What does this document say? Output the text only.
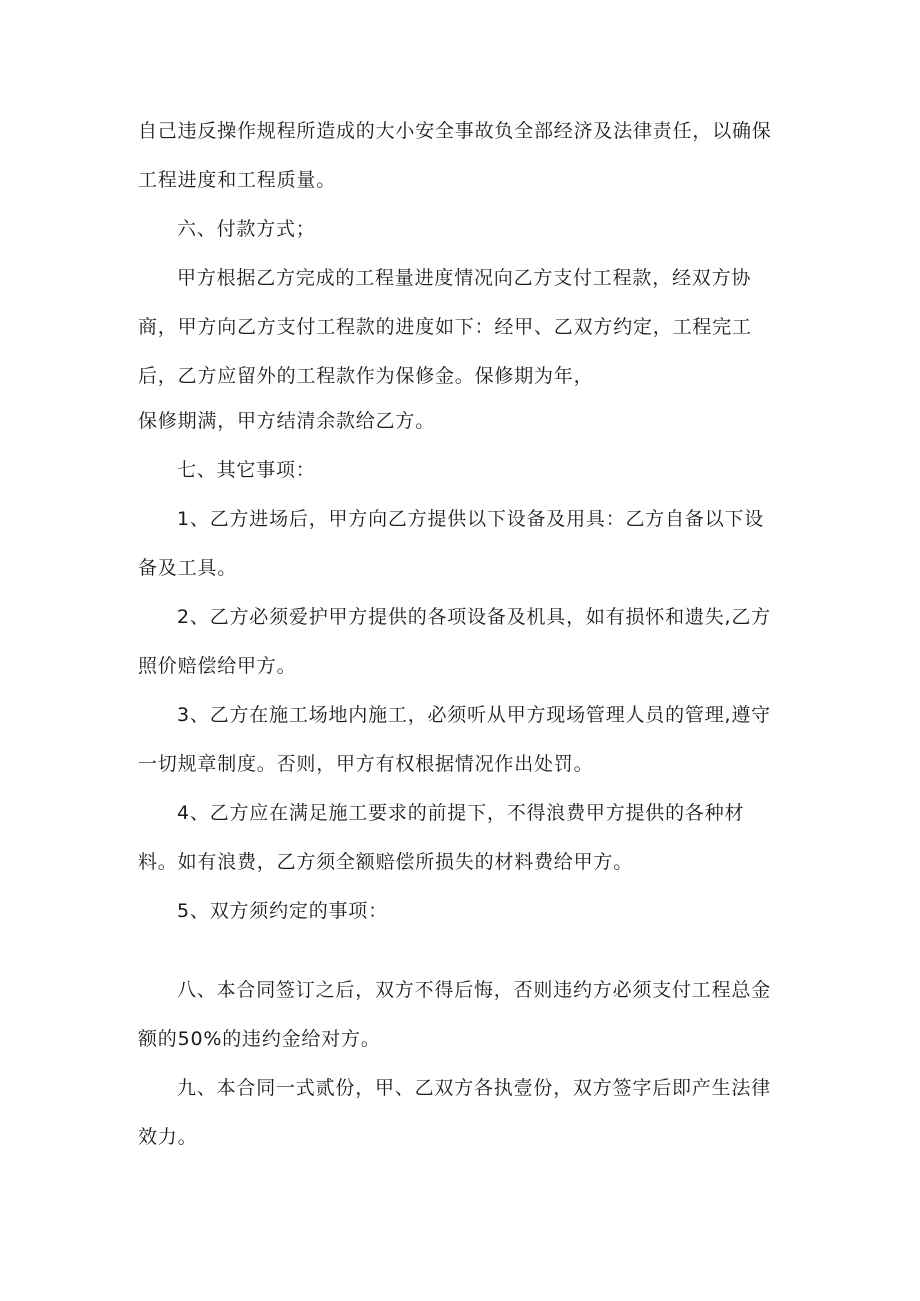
自己违反操作规程所造成的大小安全事故负全部经济及法律责任，以确保
工程进度和工程质量。
六、付款方式；
甲方根据乙方完成的工程量进度情况向乙方支付工程款，经双方协
商，甲方向乙方支付工程款的进度如下：经甲、乙双方约定，工程完工
后，乙方应留外的工程款作为保修金。保修期为年，
保修期满，甲方结清余款给乙方。
七、其它事项：
1、乙方进场后，甲方向乙方提供以下设备及用具：乙方自备以下设
备及工具。
2、乙方必须爱护甲方提供的各项设备及机具，如有损怀和遗失,乙方
照价赔偿给甲方。
3、乙方在施工场地内施工，必须听从甲方现场管理人员的管理,遵守
一切规章制度。否则，甲方有权根据情况作出处罚。
4、乙方应在满足施工要求的前提下，不得浪费甲方提供的各种材
料。如有浪费，乙方须全额赔偿所损失的材料费给甲方。
5、双方须约定的事项：
八、本合同签订之后，双方不得后悔，否则违约方必须支付工程总金
额的50%的违约金给对方。
九、本合同一式贰份，甲、乙双方各执壹份，双方签字后即产生法律
效力。
